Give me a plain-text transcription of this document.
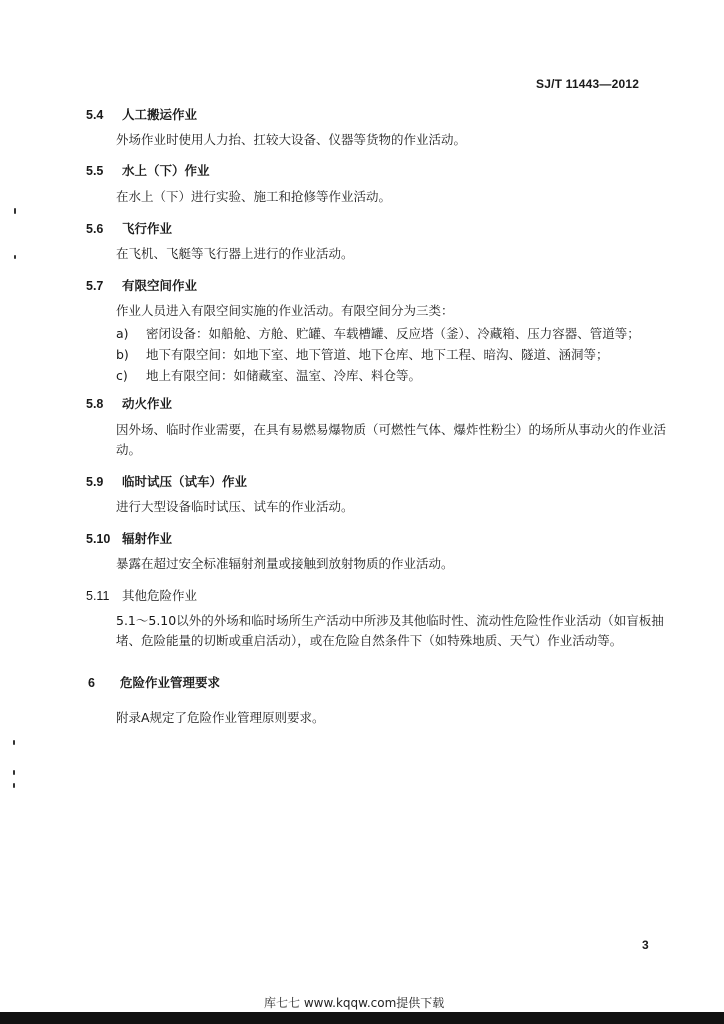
SJ/T 11443—2012
5.4 人工搬运作业
外场作业时使用人力抬、扛较大设备、仪器等货物的作业活动。
5.5 水上（下）作业
在水上（下）进行实验、施工和抢修等作业活动。
5.6 飞行作业
在飞机、飞艇等飞行器上进行的作业活动。
5.7 有限空间作业
作业人员进入有限空间实施的作业活动。有限空间分为三类：
a) 密闭设备：如船舱、方舱、贮罐、车载槽罐、反应塔（釜）、冷藏箱、压力容器、管道等；
b) 地下有限空间：如地下室、地下管道、地下仓库、地下工程、暗沟、隧道、涵洞等；
c) 地上有限空间：如储藏室、温室、冷库、料仓等。
5.8 动火作业
因外场、临时作业需要，在具有易燃易爆物质（可燃性气体、爆炸性粉尘）的场所从事动火的作业活动。
5.9 临时试压（试车）作业
进行大型设备临时试压、试车的作业活动。
5.10 辐射作业
暴露在超过安全标准辐射剂量或接触到放射物质的作业活动。
5.11 其他危险作业
5.1～5.10以外的外场和临时场所生产活动中所涉及其他临时性、流动性危险性作业活动（如盲板抽堵、危险能量的切断或重启活动），或在危险自然条件下（如特殊地质、天气）作业活动等。
6 危险作业管理要求
附录A规定了危险作业管理原则要求。
3
库七七 www.kqqw.com提供下载
